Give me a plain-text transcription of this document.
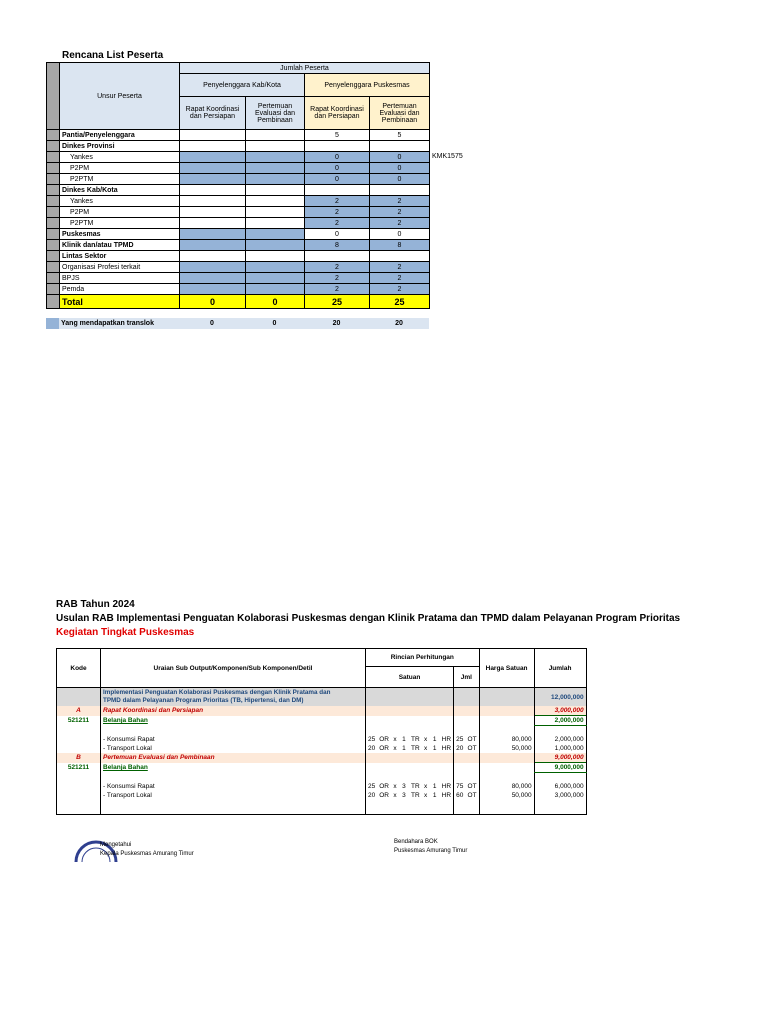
Rencana List Peserta
	Unsur Peserta	Jumlah Peserta			
		Penyelenggara Kab/Kota		Penyelenggara Puskesmas	
		Rapat Koordinasi dan Persiapan	Pertemuan Evaluasi dan Pembinaan	Rapat Koordinasi dan Persiapan	Pertemuan Evaluasi dan Pembinaan
	Pantia/Penyelenggara			5	5
	Dinkes Provinsi				
	Yankes			0	0
	P2PM			0	0
	P2PTM			0	0
	Dinkes Kab/Kota				
	Yankes			2	2
	P2PM			2	2
	P2PTM			2	2
	Puskesmas			0	0
	Klinik dan/atau TPMD			8	8
	Lintas Sektor				
	Organisasi Profesi terkait			2	2
	BPJS			2	2
	Pemda			2	2
	Total	0	0	25	25
KMK1575
	Yang mendapatkan translok	0	0	20	20
RAB Tahun 2024
Usulan RAB Implementasi Penguatan Kolaborasi Puskesmas dengan Klinik Pratama dan TPMD dalam Pelayanan Program Prioritas
Kegiatan Tingkat Puskesmas
Kode	Uraian Sub Output/Komponen/Sub Komponen/Detil	Rincian Perhitungan										Harga Satuan	Jumlah
		Satuan								Jml			
	Implementasi Penguatan Kolaborasi Puskesmas dengan Klinik Pratama dan
TPMD dalam Pelayanan Program Prioritas (TB, Hipertensi, dan DM)												12,000,000
A	Rapat Koordinasi dan Persiapan												3,000,000
521211	Belanja Bahan												2,000,000

	- Konsumsi Rapat	25	OR	x	1	TR	x	1	HR	25	OT	80,000	2,000,000
	- Transport Lokal	20	OR	x	1	TR	x	1	HR	20	OT	50,000	1,000,000
B	Pertemuan Evaluasi dan Pembinaan												9,000,000
521211	Belanja Bahan												9,000,000

	- Konsumsi Rapat	25	OR	x	3	TR	x	1	HR	75	OT	80,000	6,000,000
	- Transport Lokal	20	OR	x	3	TR	x	1	HR	60	OT	50,000	3,000,000

Mengetahui
Kepala Puskesmas Amurang Timur
Bendahara BOK
Puskesmas Amurang Timur
